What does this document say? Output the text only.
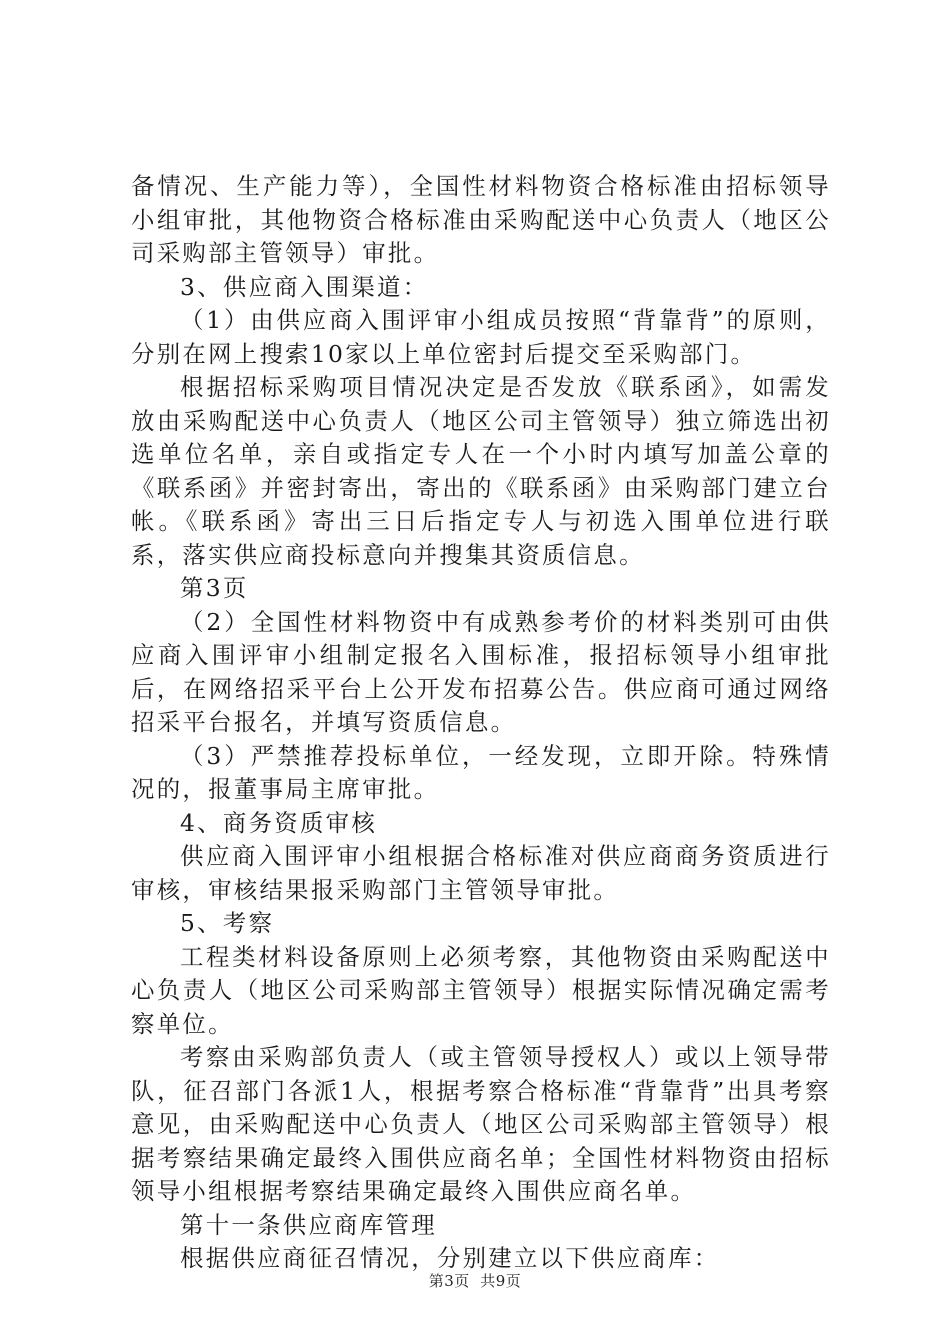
备情况、生产能力等），全国性材料物资合格标准由招标领导小组审批，其他物资合格标准由采购配送中心负责人（地区公司采购部主管领导）审批。

3、供应商入围渠道：

（1）由供应商入围评审小组成员按照“背靠背”的原则，分别在网上搜索10家以上单位密封后提交至采购部门。

根据招标采购项目情况决定是否发放《联系函》，如需发放由采购配送中心负责人（地区公司主管领导）独立筛选出初选单位名单，亲自或指定专人在一个小时内填写加盖公章的《联系函》并密封寄出，寄出的《联系函》由采购部门建立台帐。《联系函》寄出三日后指定专人与初选入围单位进行联系，落实供应商投标意向并搜集其资质信息。

第3页

（2）全国性材料物资中有成熟参考价的材料类别可由供应商入围评审小组制定报名入围标准，报招标领导小组审批后，在网络招采平台上公开发布招募公告。供应商可通过网络招采平台报名，并填写资质信息。

（3）严禁推荐投标单位，一经发现，立即开除。特殊情况的，报董事局主席审批。

4、商务资质审核

供应商入围评审小组根据合格标准对供应商商务资质进行审核，审核结果报采购部门主管领导审批。

5、考察

工程类材料设备原则上必须考察，其他物资由采购配送中心负责人（地区公司采购部主管领导）根据实际情况确定需考察单位。

考察由采购部负责人（或主管领导授权人）或以上领导带队，征召部门各派1人，根据考察合格标准“背靠背”出具考察意见，由采购配送中心负责人（地区公司采购部主管领导）根据考察结果确定最终入围供应商名单；全国性材料物资由招标领导小组根据考察结果确定最终入围供应商名单。

第十一条供应商库管理

根据供应商征召情况，分别建立以下供应商库：

第3页  共9页
